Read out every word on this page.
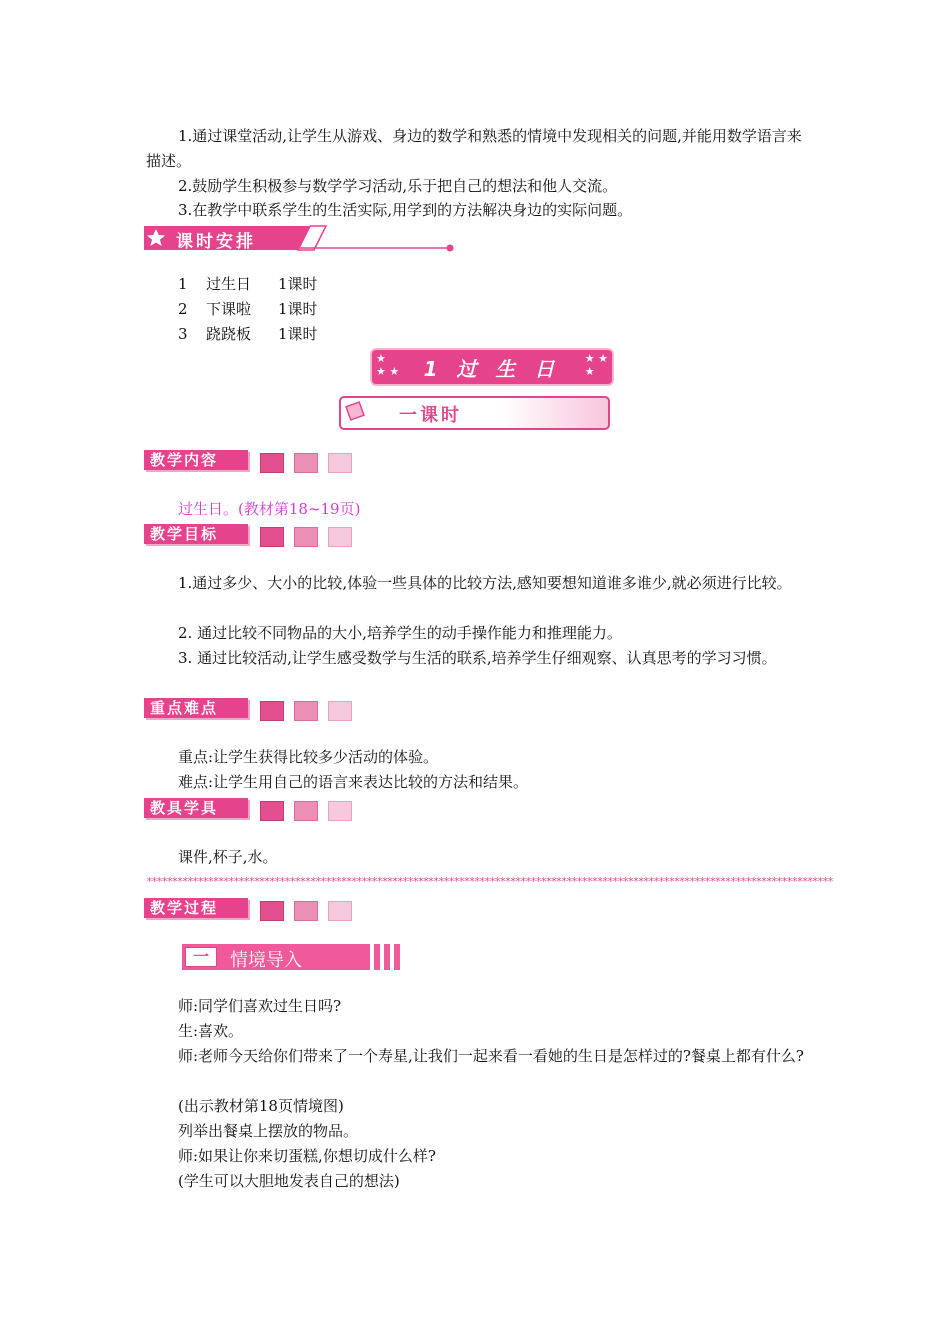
1.通过课堂活动,让学生从游戏、身边的数学和熟悉的情境中发现相关的问题,并能用数学语言来描述。

2.鼓励学生积极参与数学学习活动,乐于把自己的想法和他人交流。

3.在教学中联系学生的生活实际,用学到的方法解决身边的实际问题。

课时安排
1 过生日 1课时
2 下课啦 1课时
3 跷跷板 1课时
★
★ ★
★ ★
★
1 过 生 日
一课时
教学内容

过生日。(教材第18~19页)

教学目标

1.通过多少、大小的比较,体验一些具体的比较方法,感知要想知道谁多谁少,就必须进行比较。

2. 通过比较不同物品的大小,培养学生的动手操作能力和推理能力。

3. 通过比较活动,让学生感受数学与生活的联系,培养学生仔细观察、认真思考的学习习惯。

重点难点

重点:让学生获得比较多少活动的体验。

难点:让学生用自己的语言来表达比较的方法和结果。

教具学具

课件,杯子,水。

**************************************************************************************************************************************
教学过程
一	情境导入

师:同学们喜欢过生日吗?

生:喜欢。

师:老师今天给你们带来了一个寿星,让我们一起来看一看她的生日是怎样过的?餐桌上都有什么?

(出示教材第18页情境图)

列举出餐桌上摆放的物品。

师:如果让你来切蛋糕,你想切成什么样?

(学生可以大胆地发表自己的想法)
